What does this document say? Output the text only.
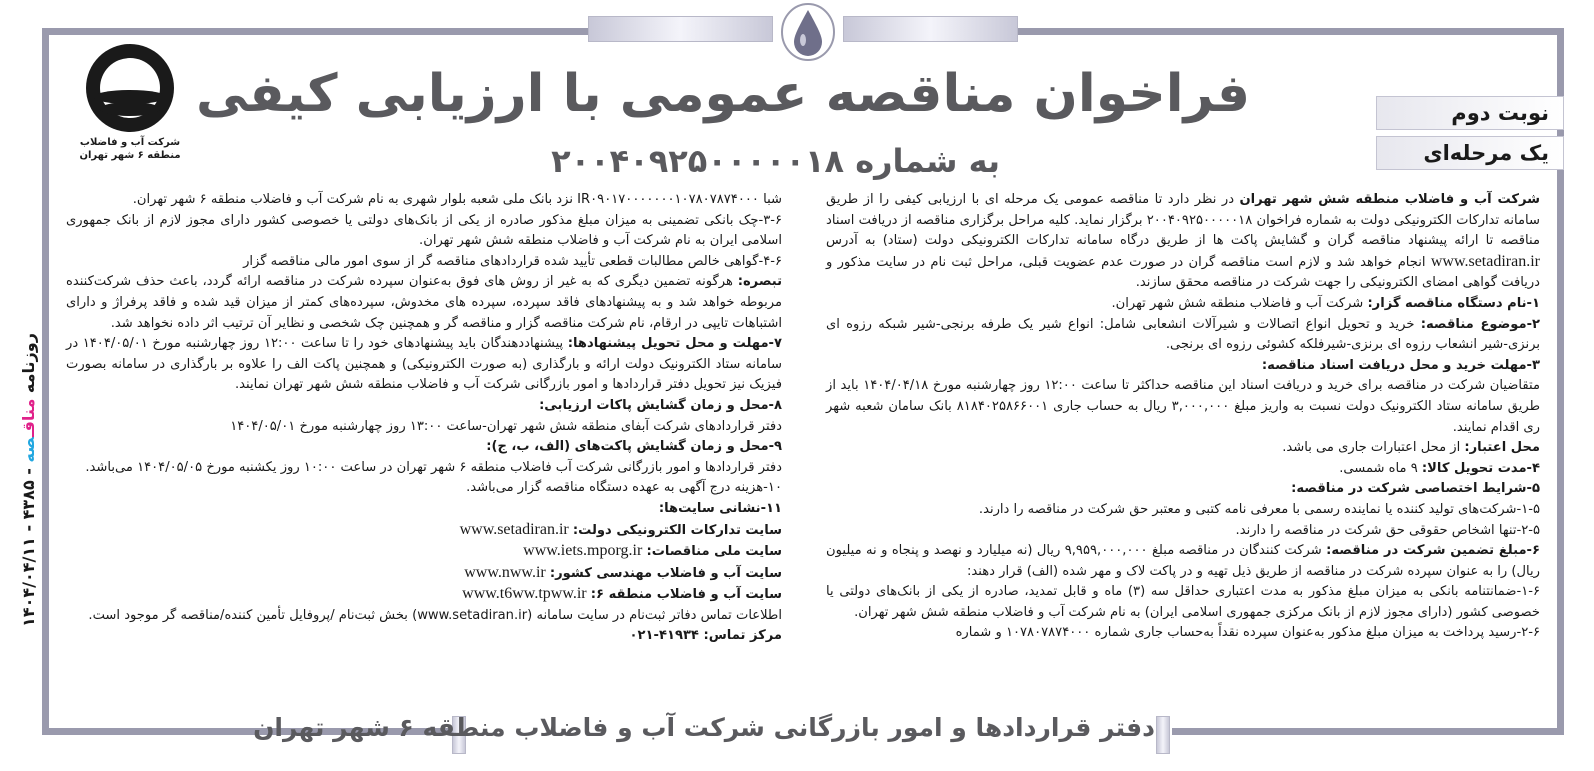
فراخوان مناقصه عمومی با ارزیابی کیفی
به شماره ۲۰۰۴۰۹۲۵۰۰۰۰۰۱۸
شرکت آب و فاضلاب
منطقه ۶ شهر تهران
نوبت دوم
یک مرحله‌ای

شرکت آب و فاضلاب منطقه شش شهر تهران در نظر دارد تا مناقصه عمومی یک مرحله ای با ارزیابی کیفی را از طریق سامانه تدارکات الکترونیکی دولت به شماره فراخوان ۲۰۰۴۰۹۲۵۰۰۰۰۰۱۸ برگزار نماید. کلیه مراحل برگزاری مناقصه از دریافت اسناد مناقصه تا ارائه پیشنهاد مناقصه گران و گشایش پاکت ها از طریق درگاه سامانه تدارکات الکترونیکی دولت (ستاد) به آدرس www.setadiran.ir انجام خواهد شد و لازم است مناقصه گران در صورت عدم عضویت قبلی، مراحل ثبت نام در سایت مذکور و دریافت گواهی امضای الکترونیکی را جهت شرکت در مناقصه محقق سازند.

۱-نام دستگاه مناقصه گزار: شرکت آب و فاضلاب منطقه شش شهر تهران.

۲-موضوع مناقصه: خرید و تحویل انواع اتصالات و شیرآلات انشعابی شامل: انواع شیر یک طرفه برنجی-شیر شبکه رزوه ای برنزی-شیر انشعاب رزوه ای برنزی-شیرفلکه کشوئی رزوه ای برنجی.

۳-مهلت خرید و محل دریافت اسناد مناقصه:

متقاضیان شرکت در مناقصه برای خرید و دریافت اسناد این مناقصه حداکثر تا ساعت ۱۲:۰۰ روز چهارشنبه مورخ ۱۴۰۴/۰۴/۱۸ باید از طریق سامانه ستاد الکترونیک دولت نسبت به واریز مبلغ ۳,۰۰۰,۰۰۰ ریال به حساب جاری ۸۱۸۴۰۲۵۸۶۶۰۰۱ بانک سامان شعبه شهر ری اقدام نمایند.

محل اعتبار: از محل اعتبارات جاری می باشد.

۴-مدت تحویل کالا: ۹ ماه شمسی.

۵-شرایط اختصاصی شرکت در مناقصه:

۱-۵-شرکت‌های تولید کننده یا نماینده رسمی با معرفی نامه کتبی و معتبر حق شرکت در مناقصه را دارند.

۲-۵-تنها اشخاص حقوقی حق شرکت در مناقصه را دارند.

۶-مبلغ تضمین شرکت در مناقصه: شرکت کنندگان در مناقصه مبلغ ۹,۹۵۹,۰۰۰,۰۰۰ ریال (نه میلیارد و نهصد و پنجاه و نه میلیون ریال) را به عنوان سپرده شرکت در مناقصه از طریق ذیل تهیه و در پاکت لاک و مهر شده (الف) قرار دهند:

۱-۶-ضمانتنامه بانکی به میزان مبلغ مذکور به مدت اعتباری حداقل سه (۳) ماه و قابل تمدید، صادره از یکی از بانک‌های دولتی یا خصوصی کشور (دارای مجوز لازم از بانک مرکزی جمهوری اسلامی ایران) به نام شرکت آب و فاضلاب منطقه شش شهر تهران.

۲-۶-رسید پرداخت به میزان مبلغ مذکور به‌عنوان سپرده نقداً به‌حساب جاری شماره ۱۰۷۸۰۷۸۷۴۰۰۰ و شماره

شبا IR۰۹۰۱۷۰۰۰۰۰۰۰۱۰۷۸۰۷۸۷۴۰۰۰ نزد بانک ملی شعبه بلوار شهری به نام شرکت آب و فاضلاب منطقه ۶ شهر تهران.

۳-۶-چک بانکی تضمینی به میزان مبلغ مذکور صادره از یکی از بانک‌های دولتی یا خصوصی کشور دارای مجوز لازم از بانک جمهوری اسلامی ایران به نام شرکت آب و فاضلاب منطقه شش شهر تهران.

۴-۶-گواهی خالص مطالبات قطعی تأیید شده قراردادهای مناقصه گر از سوی امور مالی مناقصه گزار

تبصره: هرگونه تضمین دیگری که به غیر از روش های فوق به‌عنوان سپرده شرکت در مناقصه ارائه گردد، باعث حذف شرکت‌کننده مربوطه خواهد شد و به پیشنهادهای فاقد سپرده، سپرده های مخدوش، سپرده‌های کمتر از میزان قید شده و فاقد پرفراژ و دارای اشتباهات تایپی در ارقام، نام شرکت مناقصه گزار و مناقصه گر و همچنین چک شخصی و نظایر آن ترتیب اثر داده نخواهد شد.

۷-مهلت و محل تحویل پیشنهادها: پیشنهاددهندگان باید پیشنهادهای خود را تا ساعت ۱۲:۰۰ روز چهارشنبه مورخ ۱۴۰۴/۰۵/۰۱ در سامانه ستاد الکترونیک دولت ارائه و بارگذاری (به صورت الکترونیکی) و همچنین پاکت الف را علاوه بر بارگذاری در سامانه بصورت فیزیک نیز تحویل دفتر قراردادها و امور بازرگانی شرکت آب و فاضلاب منطقه شش شهر تهران نمایند.

۸-محل و زمان گشایش پاکات ارزیابی:

دفتر قراردادهای شرکت آبفای منطقه شش شهر تهران-ساعت ۱۳:۰۰ روز چهارشنبه مورخ ۱۴۰۴/۰۵/۰۱

۹-محل و زمان گشایش پاکت‌های (الف، ب، ج):

دفتر قراردادها و امور بازرگانی شرکت آب فاضلاب منطقه ۶ شهر تهران در ساعت ۱۰:۰۰ روز یکشنبه مورخ ۱۴۰۴/۰۵/۰۵ می‌باشد.

۱۰-هزینه درج آگهی به عهده دستگاه مناقصه گزار می‌باشد.

۱۱-نشانی سایت‌ها:

سایت تدارکات الکترونیکی دولت: www.setadiran.ir

سایت ملی مناقصات: www.iets.mporg.ir

سایت آب و فاضلاب مهندسی کشور: www.nww.ir

سایت آب و فاضلاب منطقه ۶: www.t6ww.tpww.ir

اطلاعات تماس دفاتر ثبت‌نام در سایت سامانه (www.setadiran.ir) بخش ثبت‌نام /پروفایل تأمین کننده/مناقصه گر موجود است.

مرکز تماس: ۴۱۹۳۴-۰۲۱

روزنامه مناقـصه - ۴۳۸۵ - ۱۴۰۴/۰۴/۱۱
دفتر قراردادها و امور بازرگانی شرکت آب و فاضلاب منطقه ۶ شهر تهران
